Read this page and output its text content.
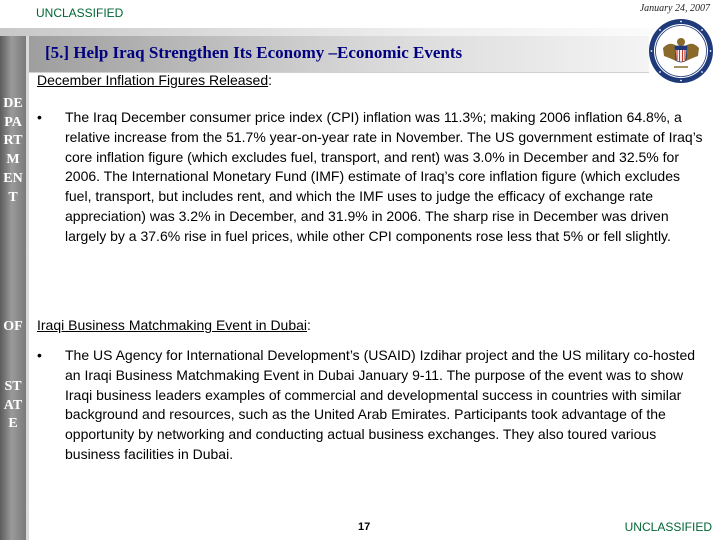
UNCLASSIFIED	January 24, 2007
[5.] Help Iraq Strengthen Its Economy –Economic Events
DEPARTMENT
OF
STATE
December Inflation Figures Released:
• The Iraq December consumer price index (CPI) inflation was 11.3%; making 2006 inflation 64.8%, a relative increase from the 51.7% year-on-year rate in November. The US government estimate of Iraq’s core inflation figure (which excludes fuel, transport, and rent) was 3.0% in December and 32.5% for 2006. The International Monetary Fund (IMF) estimate of Iraq’s core inflation figure (which excludes fuel, transport, but includes rent, and which the IMF uses to judge the efficacy of exchange rate appreciation) was 3.2% in December, and 31.9% in 2006. The sharp rise in December was driven largely by a 37.6% rise in fuel prices, while other CPI components rose less that 5% or fell slightly.
Iraqi Business Matchmaking Event in Dubai:
• The US Agency for International Development’s (USAID) Izdihar project and the US military co-hosted an Iraqi Business Matchmaking Event in Dubai January 9-11. The purpose of the event was to show Iraqi business leaders examples of commercial and developmental success in countries with similar background and resources, such as the United Arab Emirates. Participants took advantage of the opportunity by networking and conducting actual business exchanges. They also toured various business facilities in Dubai.
17	UNCLASSIFIED
